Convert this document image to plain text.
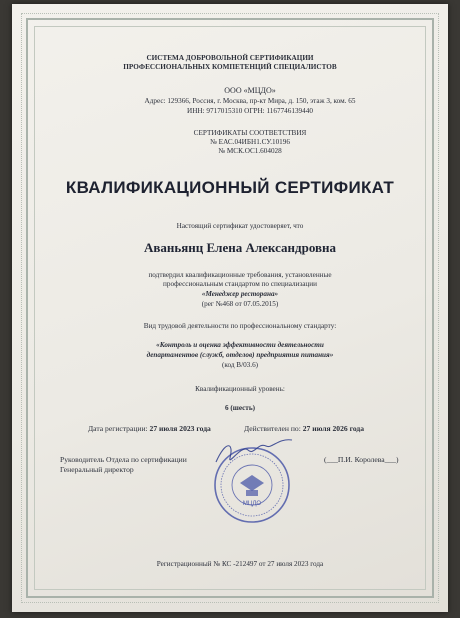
СИСТЕМА ДОБРОВОЛЬНОЙ СЕРТИФИКАЦИИ
ПРОФЕССИОНАЛЬНЫХ КОМПЕТЕНЦИЙ СПЕЦИАЛИСТОВ
ООО «МЦДО»
Адрес: 129366, Россия, г. Москва, пр-кт Мира, д. 150, этаж 3, ком. 65
ИНН: 9717015310 ОГРН: 1167746139440
СЕРТИФИКАТЫ СООТВЕТСТВИЯ
№ ЕАС.04ИБН1.СУ.10196
№ МСК.ОС1.604028
КВАЛИФИКАЦИОННЫЙ СЕРТИФИКАТ
Настоящий сертификат удостоверяет, что
Аваньянц Елена Александровна
подтвердил квалификационные требования, установленные
профессиональным стандартом по специализации
«Менеджер ресторана»
(рег №468 от 07.05.2015)
Вид трудовой деятельности по профессиональному стандарту:
«Контроль и оценка эффективности деятельности
департаментов (служб, отделов) предприятия питания»
(код В/03.6)
Квалификационный уровень:
6 (шесть)
Дата регистрации: 27 июля 2023 года	Действителен по: 27 июля 2026 года
Руководитель Отдела по сертификации
Генеральный директор
(___П.И. Королева___)
МЦДО
Регистрационный № КС -212497 от 27 июля 2023 года
